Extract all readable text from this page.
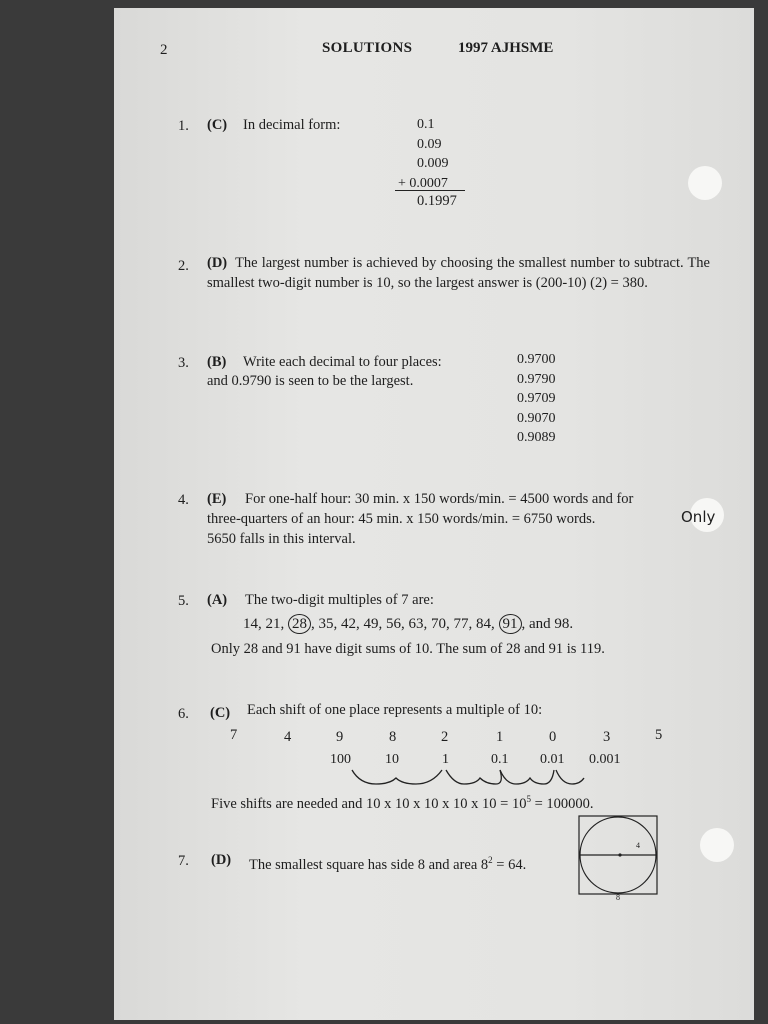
2	SOLUTIONS	1997 AJHSME
1. (C) In decimal form:	0.1
0.09
0.009
+ 0.0007
0.1997
2. (D) The largest number is achieved by choosing the smallest number to subtract. The smallest two-digit number is 10, so the largest answer is (200-10) (2) = 380.
3. (B) Write each decimal to four places:
and 0.9790 is seen to be the largest.
0.9700
0.9790
0.9709
0.9070
0.9089
4. (E) For one-half hour: 30 min. x 150 words/min. = 4500 words and for
three-quarters of an hour: 45 min. x 150 words/min. = 6750 words.	Only
5650 falls in this interval.
5. (A) The two-digit multiples of 7 are:
14, 21, 28 , 35, 42, 49, 56, 63, 70, 77, 84, 91 , and 98.
Only 28 and 91 have digit sums of 10. The sum of 28 and 91 is 119.
6. (C) Each shift of one place represents a multiple of 10:
7	4	9	8	2	1	0	3	5
100 10	1	0.1 0.01 0.001
Five shifts are needed and 10 x 10 x 10 x 10 x $10 = 10^5 = 100000$.
7. (D) The smallest square has side 8 and area $8^2 = 64$.
4
8
